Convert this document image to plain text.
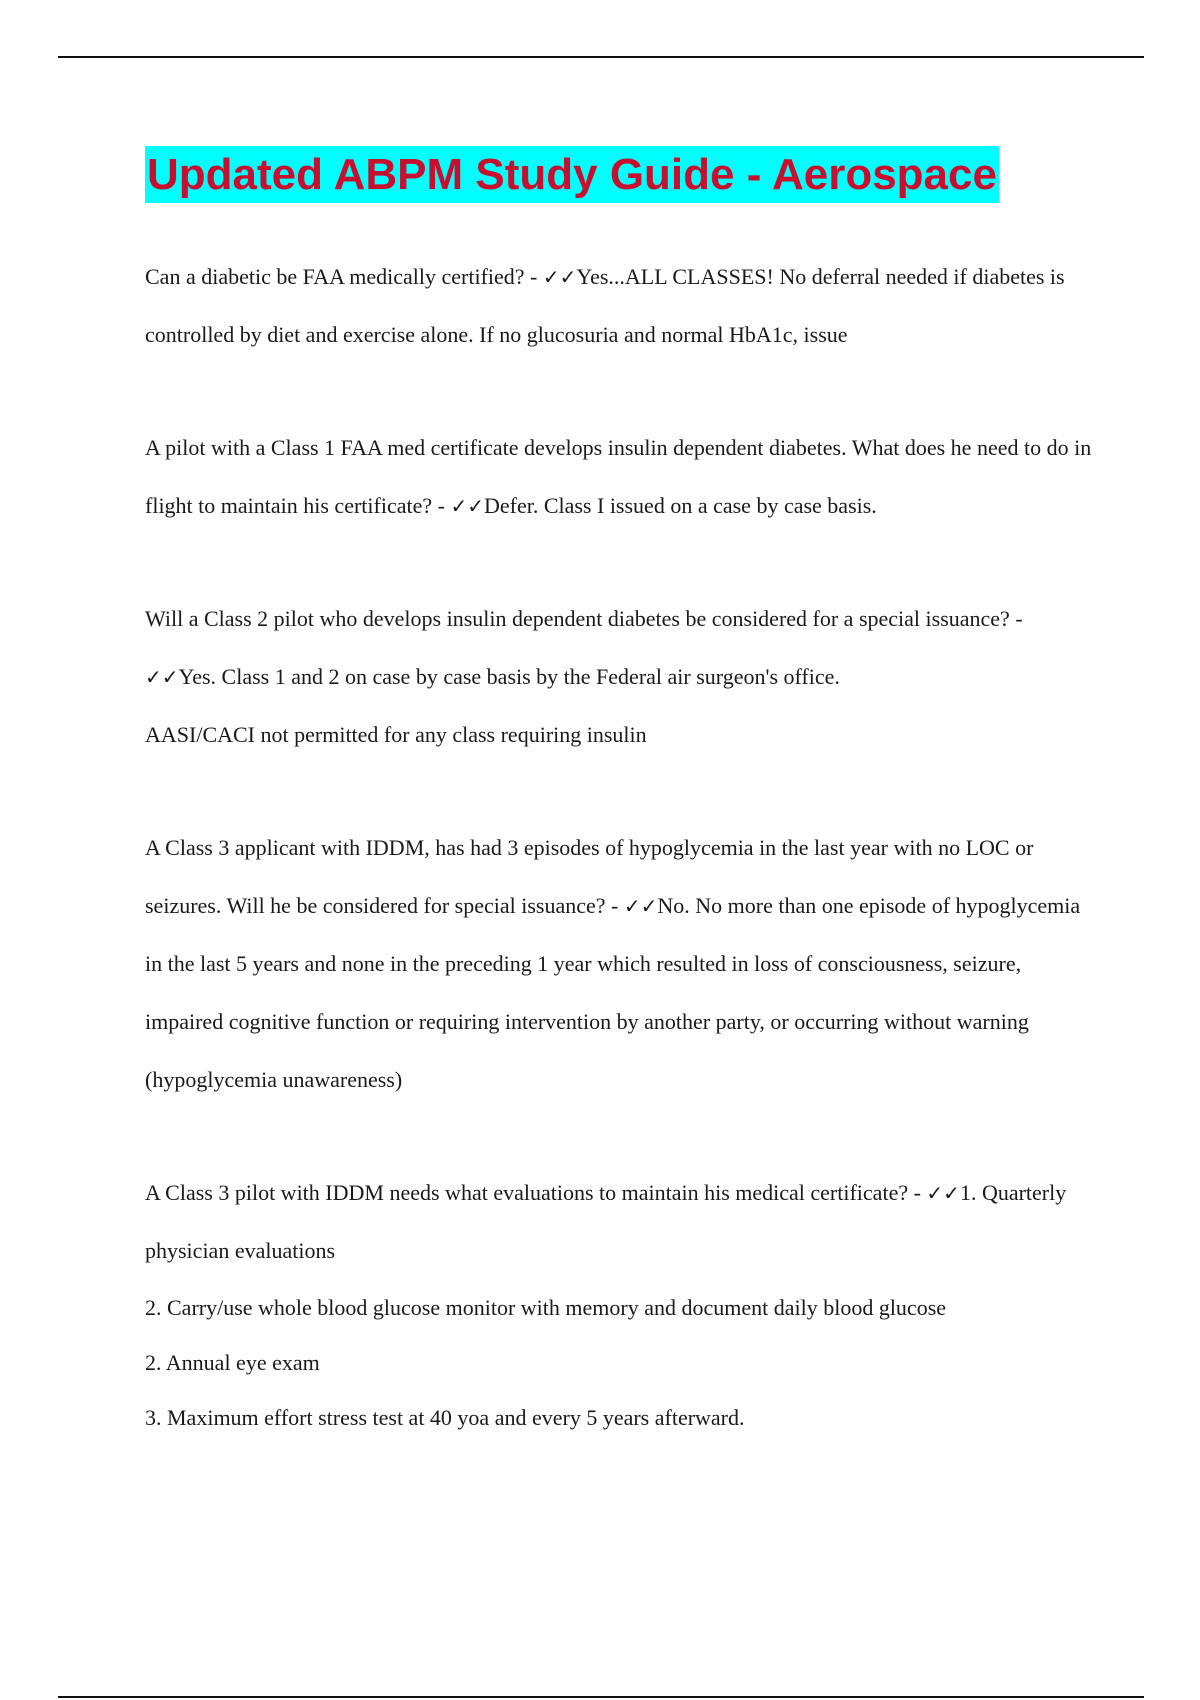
Updated ABPM Study Guide - Aerospace

Can a diabetic be FAA medically certified? - ✓✓Yes...ALL CLASSES! No deferral needed if diabetes is controlled by diet and exercise alone. If no glucosuria and normal HbA1c, issue

A pilot with a Class 1 FAA med certificate develops insulin dependent diabetes. What does he need to do in flight to maintain his certificate? - ✓✓Defer. Class I issued on a case by case basis.

Will a Class 2 pilot who develops insulin dependent diabetes be considered for a special issuance? - ✓✓Yes. Class 1 and 2 on case by case basis by the Federal air surgeon's office.

AASI/CACI not permitted for any class requiring insulin

A Class 3 applicant with IDDM, has had 3 episodes of hypoglycemia in the last year with no LOC or seizures. Will he be considered for special issuance? - ✓✓No. No more than one episode of hypoglycemia in the last 5 years and none in the preceding 1 year which resulted in loss of consciousness, seizure, impaired cognitive function or requiring intervention by another party, or occurring without warning (hypoglycemia unawareness)

A Class 3 pilot with IDDM needs what evaluations to maintain his medical certificate? - ✓✓1. Quarterly physician evaluations

2. Carry/use whole blood glucose monitor with memory and document daily blood glucose

2. Annual eye exam

3. Maximum effort stress test at 40 yoa and every 5 years afterward.
